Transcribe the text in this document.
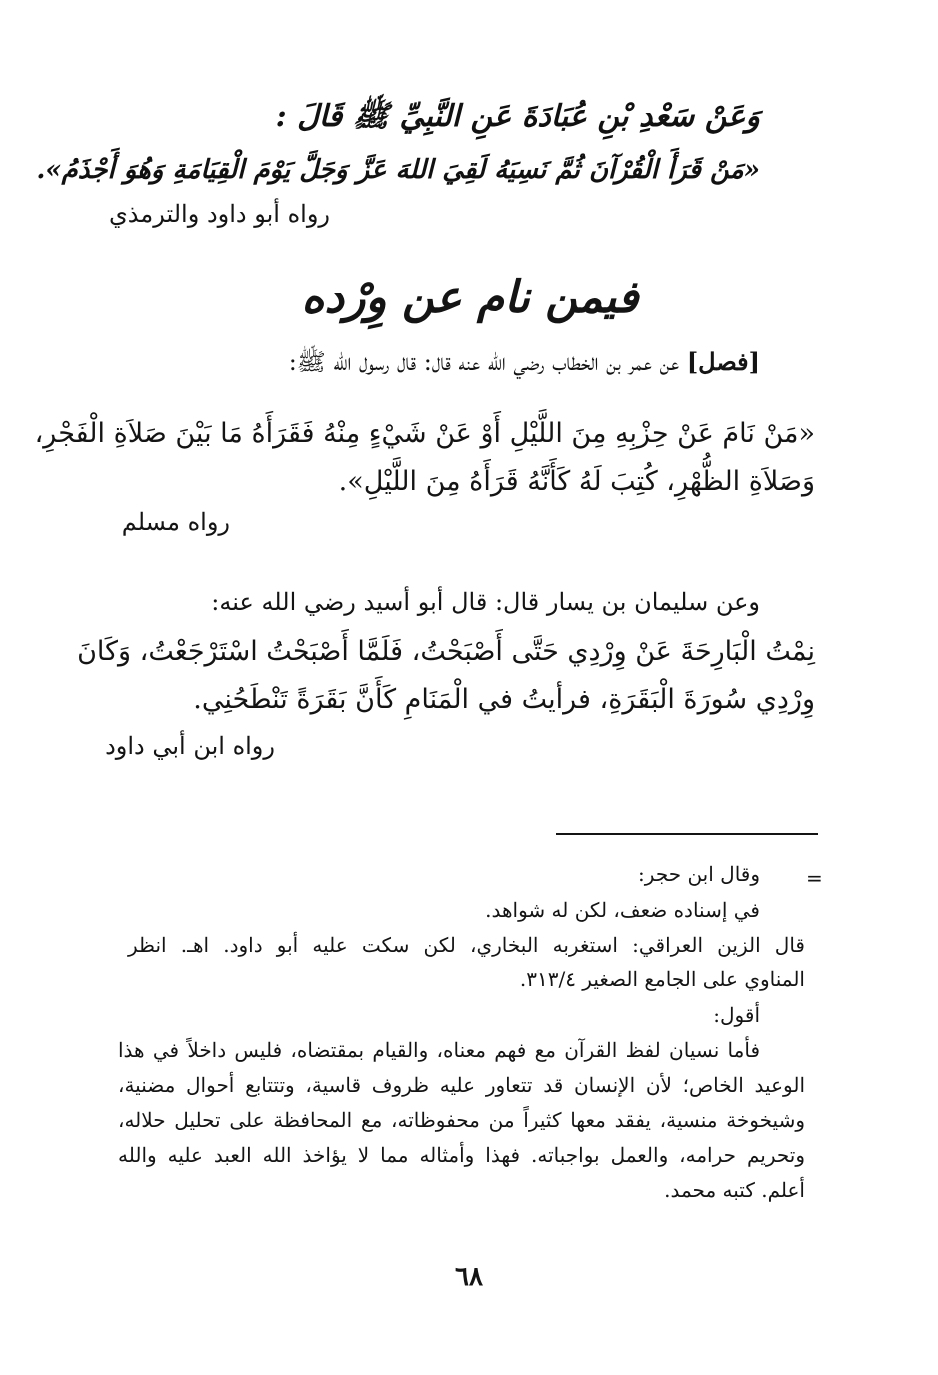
وَعَنْ سَعْدِ بْنِ عُبَادَةَ عَنِ النَّبِيِّ ﷺ قَالَ :
«مَنْ قَرَأَ الْقُرْآنَ ثُمَّ نَسِيَهُ لَقِيَ اللهَ عَزَّ وَجَلَّ يَوْمَ الْقِيَامَةِ وَهُوَ أَجْذَمُ».
رواه أبو داود والترمذي
فيمن نام عن وِرْده
[فصل] عن عمر بن الخطاب رضي الله عنه قال: قال رسول الله ﷺ:
«مَنْ نَامَ عَنْ حِزْبِهِ مِنَ اللَّيْلِ أَوْ عَنْ شَيْءٍ مِنْهُ فَقَرَأَهُ مَا بَيْنَ صَلاَةِ الْفَجْرِ،
وَصَلاَةِ الظُّهْرِ، كُتِبَ لَهُ كَأَنَّهُ قَرَأَهُ مِنَ اللَّيْلِ».
رواه مسلم
وعن سليمان بن يسار قال: قال أبو أسيد رضي الله عنه:
نِمْتُ الْبَارِحَةَ عَنْ وِرْدِي حَتَّى أَصْبَحْتُ، فَلَمَّا أَصْبَحْتُ اسْتَرْجَعْتُ، وَكَانَ
وِرْدِي سُورَةَ الْبَقَرَةِ، فرأيتُ في الْمَنَامِ كَأَنَّ بَقَرَةً تَنْطَحُنِي.
رواه ابن أبي داود
=
وقال ابن حجر:
في إسناده ضعف، لكن له شواهد.
قال الزين العراقي: استغربه البخاري، لكن سكت عليه أبو داود. اهـ. انظر
المناوي على الجامع الصغير ٣١٣/٤.
أقول:
فأما نسيان لفظ القرآن مع فهم معناه، والقيام بمقتضاه، فليس داخلاً في هذا
الوعيد الخاص؛ لأن الإنسان قد تتعاور عليه ظروف قاسية، وتتتابع أحوال مضنية،
وشيخوخة منسية، يفقد معها كثيراً من محفوظاته، مع المحافظة على تحليل حلاله،
وتحريم حرامه، والعمل بواجباته. فهذا وأمثاله مما لا يؤاخذ الله العبد عليه والله
أعلم. كتبه محمد.
٦٨
